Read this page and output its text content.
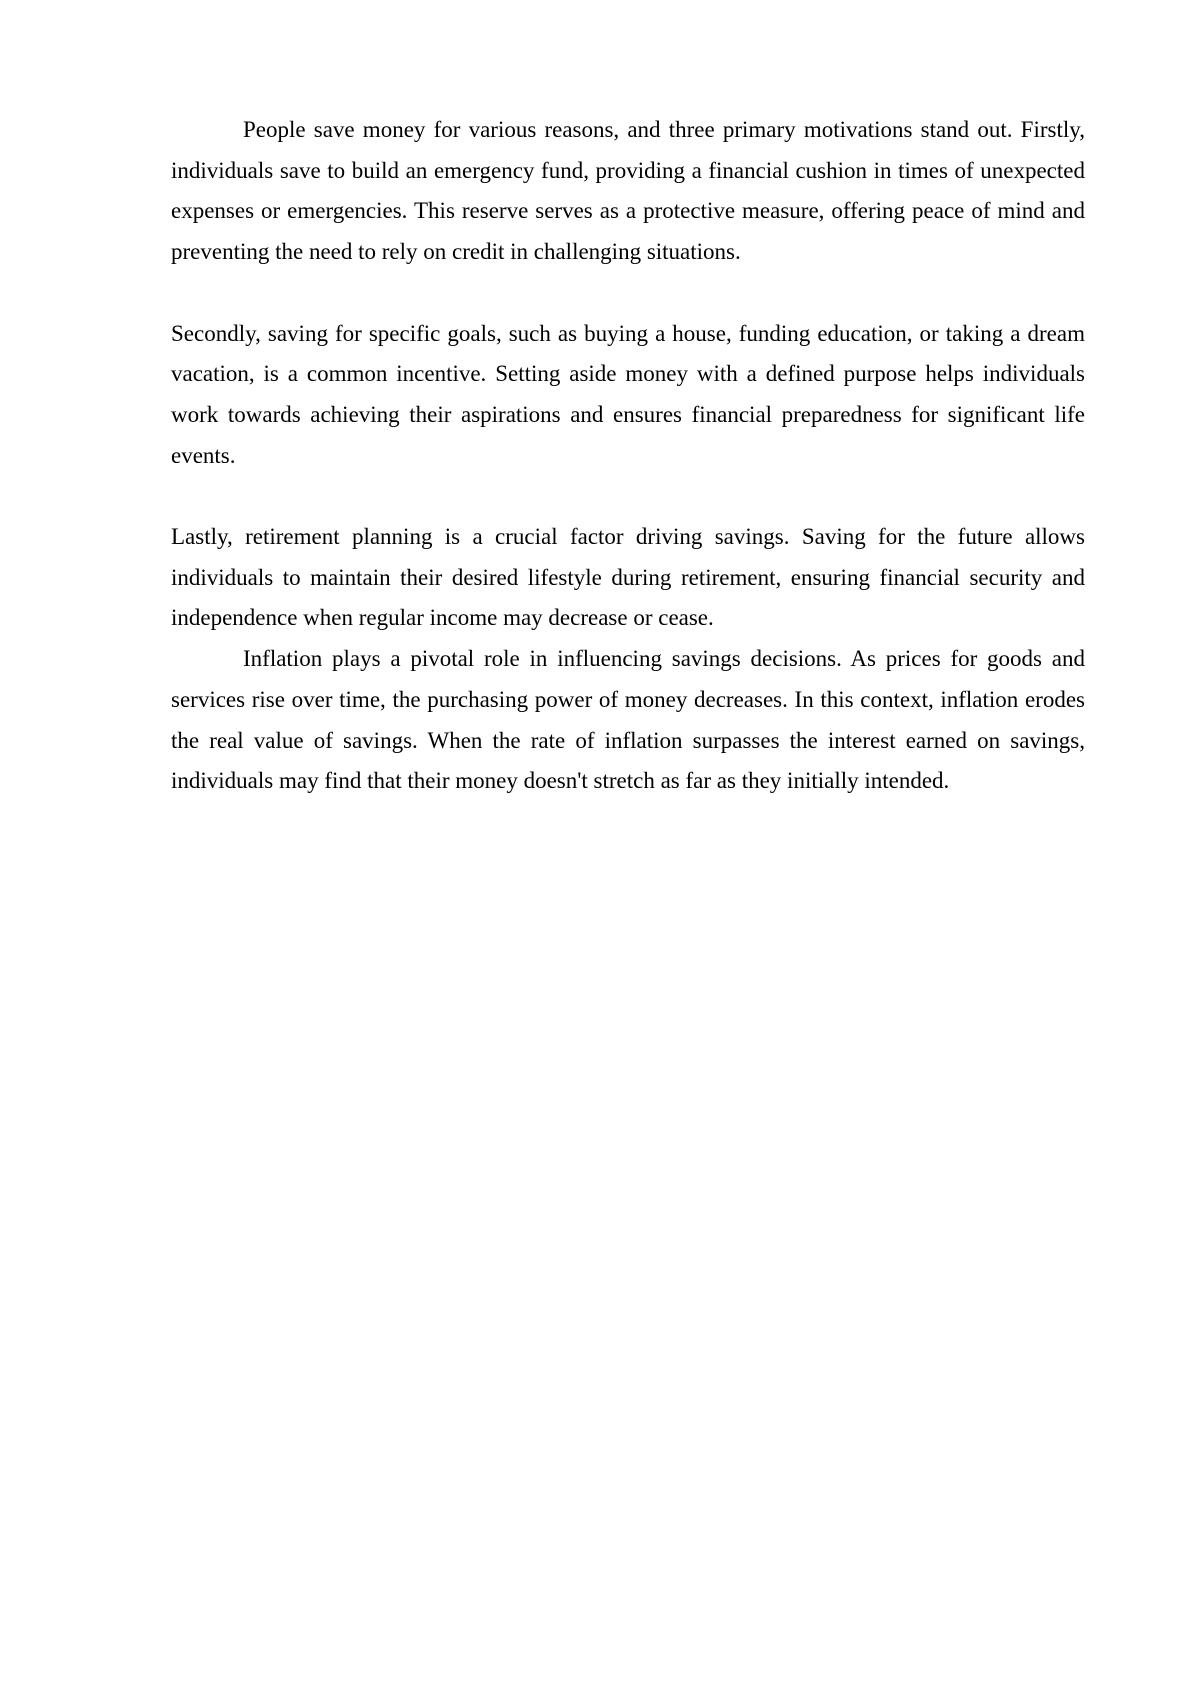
People save money for various reasons, and three primary motivations stand out. Firstly, individuals save to build an emergency fund, providing a financial cushion in times of unexpected expenses or emergencies. This reserve serves as a protective measure, offering peace of mind and preventing the need to rely on credit in challenging situations.

Secondly, saving for specific goals, such as buying a house, funding education, or taking a dream vacation, is a common incentive. Setting aside money with a defined purpose helps individuals work towards achieving their aspirations and ensures financial preparedness for significant life events.

Lastly, retirement planning is a crucial factor driving savings. Saving for the future allows individuals to maintain their desired lifestyle during retirement, ensuring financial security and independence when regular income may decrease or cease.

Inflation plays a pivotal role in influencing savings decisions. As prices for goods and services rise over time, the purchasing power of money decreases. In this context, inflation erodes the real value of savings. When the rate of inflation surpasses the interest earned on savings, individuals may find that their money doesn't stretch as far as they initially intended.
